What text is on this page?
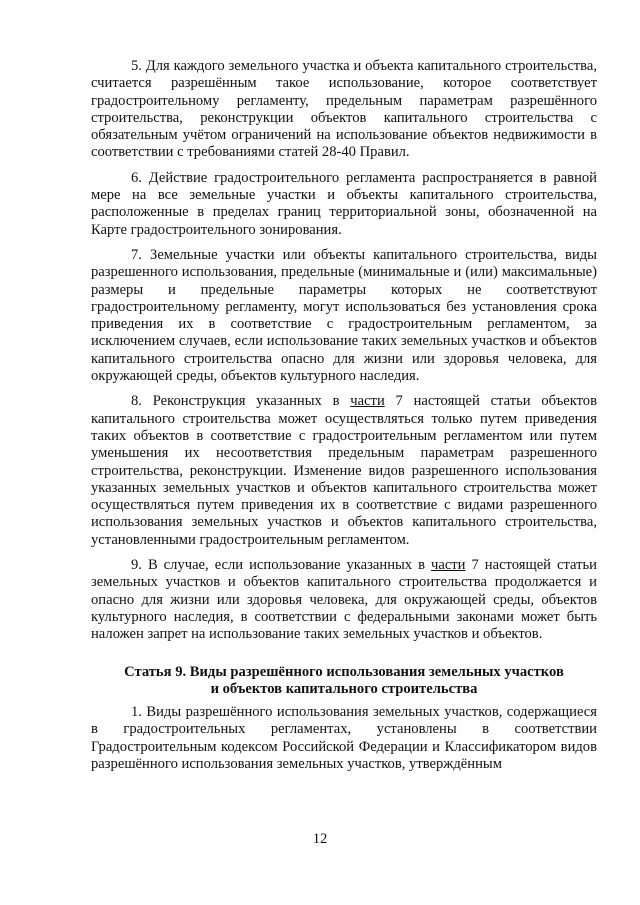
5. Для каждого земельного участка и объекта капитального строительства, считается разрешённым такое использование, которое соответствует градостроительному регламенту, предельным параметрам разрешённого строительства, реконструкции объектов капитального строительства с обязательным учётом ограничений на использование объектов недвижимости в соответствии с требованиями статей 28-40 Правил.

6. Действие градостроительного регламента распространяется в равной мере на все земельные участки и объекты капитального строительства, расположенные в пределах границ территориальной зоны, обозначенной на Карте градостроительного зонирования.

7. Земельные участки или объекты капитального строительства, виды разрешенного использования, предельные (минимальные и (или) максимальные) размеры и предельные параметры которых не соответствуют градостроительному регламенту, могут использоваться без установления срока приведения их в соответствие с градостроительным регламентом, за исключением случаев, если использование таких земельных участков и объектов капитального строительства опасно для жизни или здоровья человека, для окружающей среды, объектов культурного наследия.

8. Реконструкция указанных в части 7 настоящей статьи объектов капитального строительства может осуществляться только путем приведения таких объектов в соответствие с градостроительным регламентом или путем уменьшения их несоответствия предельным параметрам разрешенного строительства, реконструкции. Изменение видов разрешенного использования указанных земельных участков и объектов капитального строительства может осуществляться путем приведения их в соответствие с видами разрешенного использования земельных участков и объектов капитального строительства, установленными градостроительным регламентом.

9. В случае, если использование указанных в части 7 настоящей статьи земельных участков и объектов капитального строительства продолжается и опасно для жизни или здоровья человека, для окружающей среды, объектов культурного наследия, в соответствии с федеральными законами может быть наложен запрет на использование таких земельных участков и объектов.

Статья 9. Виды разрешённого использования земельных участков
и объектов капитального строительства

1. Виды разрешённого использования земельных участков, содержащиеся в градостроительных регламентах, установлены в соответствии Градостроительным кодексом Российской Федерации и Классификатором видов разрешённого использования земельных участков, утверждённым

12
